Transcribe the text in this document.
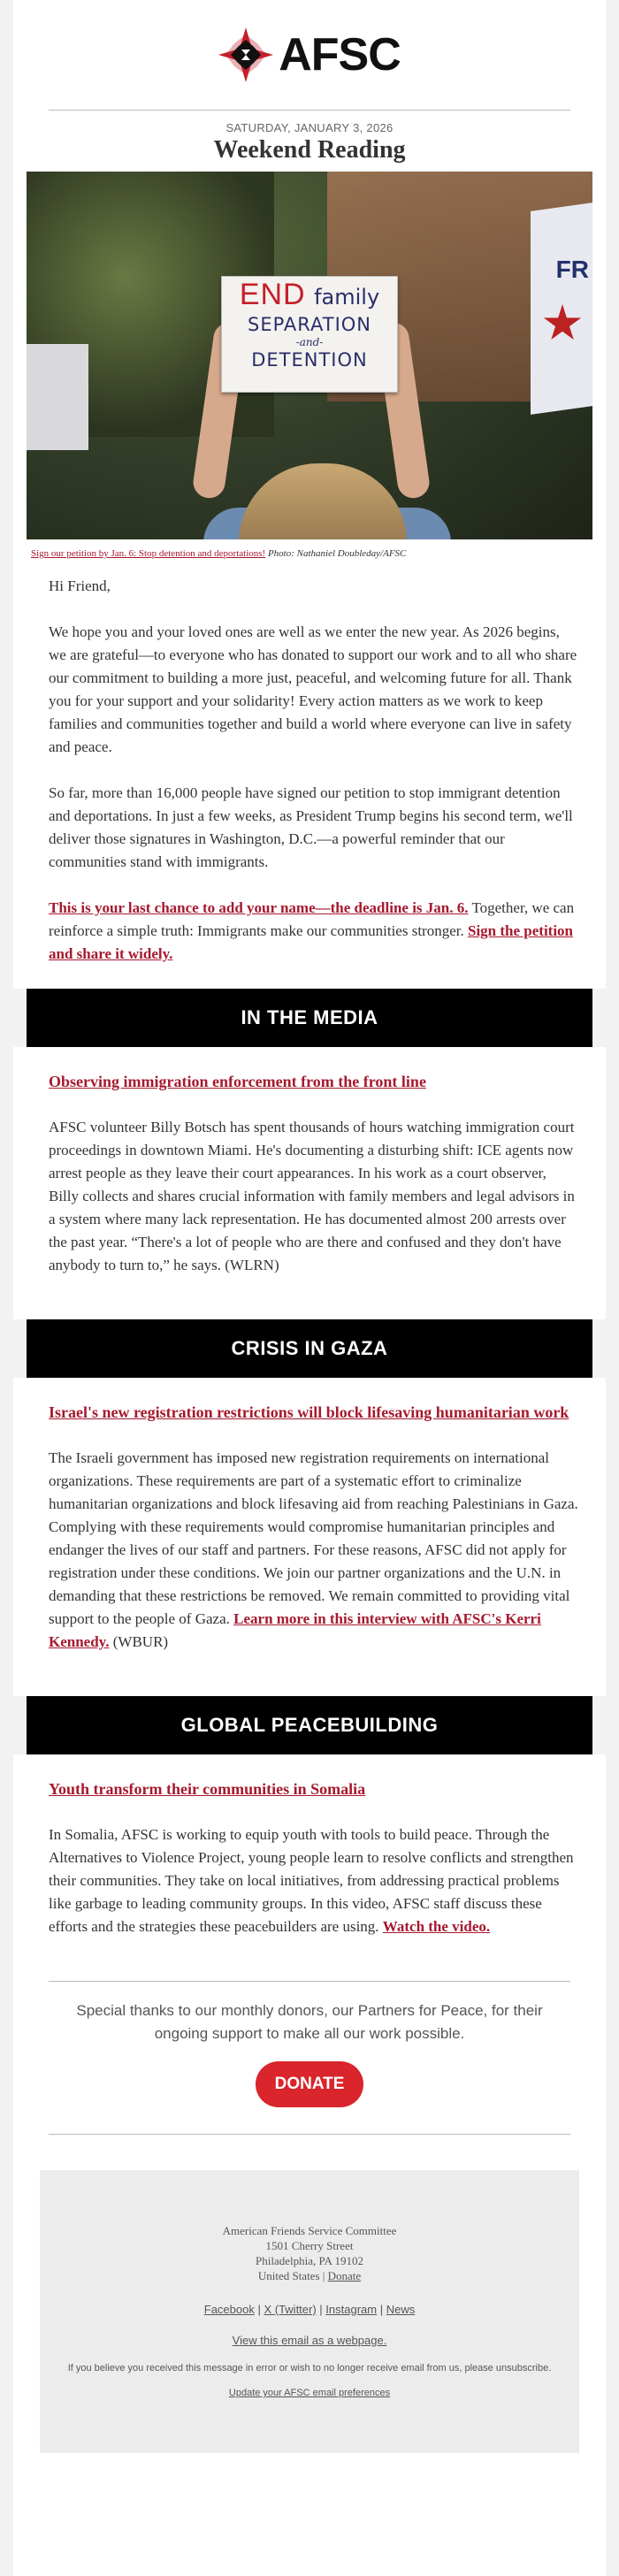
AFSC
SATURDAY, JANUARY 3, 2026
Weekend Reading
FR
END family
SEPARATION
-and-
DETENTION
Sign our petition by Jan. 6: Stop detention and deportations! Photo: Nathaniel Doubleday/AFSC

Hi Friend,

We hope you and your loved ones are well as we enter the new year. As 2026 begins, we are grateful—to everyone who has donated to support our work and to all who share our commitment to building a more just, peaceful, and welcoming future for all. Thank you for your support and your solidarity! Every action matters as we work to keep families and communities together and build a world where everyone can live in safety and peace.

So far, more than 16,000 people have signed our petition to stop immigrant detention and deportations. In just a few weeks, as President Trump begins his second term, we'll deliver those signatures in Washington, D.C.—a powerful reminder that our communities stand with immigrants.

This is your last chance to add your name—the deadline is Jan. 6. Together, we can reinforce a simple truth: Immigrants make our communities stronger. Sign the petition and share it widely.

IN THE MEDIA
Observing immigration enforcement from the front line
AFSC volunteer Billy Botsch has spent thousands of hours watching immigration court proceedings in downtown Miami. He's documenting a disturbing shift: ICE agents now arrest people as they leave their court appearances. In his work as a court observer, Billy collects and shares crucial information with family members and legal advisors in a system where many lack representation. He has documented almost 200 arrests over the past year. “There's a lot of people who are there and confused and they don't have anybody to turn to,” he says. (WLRN)
CRISIS IN GAZA
Israel's new registration restrictions will block lifesaving humanitarian work
The Israeli government has imposed new registration requirements on international organizations. These requirements are part of a systematic effort to criminalize humanitarian organizations and block lifesaving aid from reaching Palestinians in Gaza. Complying with these requirements would compromise humanitarian principles and endanger the lives of our staff and partners. For these reasons, AFSC did not apply for registration under these conditions. We join our partner organizations and the U.N. in demanding that these restrictions be removed. We remain committed to providing vital support to the people of Gaza. Learn more in this interview with AFSC's Kerri Kennedy. (WBUR)
GLOBAL PEACEBUILDING
Youth transform their communities in Somalia
In Somalia, AFSC is working to equip youth with tools to build peace. Through the Alternatives to Violence Project, young people learn to resolve conflicts and strengthen their communities. They take on local initiatives, from addressing practical problems like garbage to leading community groups. In this video, AFSC staff discuss these efforts and the strategies these peacebuilders are using. Watch the video.
Special thanks to our monthly donors, our Partners for Peace, for their ongoing support to make all our work possible.
DONATE
American Friends Service Committee
1501 Cherry Street
Philadelphia, PA 19102
United States | Donate
Facebook | X (Twitter) | Instagram | News
View this email as a webpage.
If you believe you received this message in error or wish to no longer receive email from us, please unsubscribe.
Update your AFSC email preferences
